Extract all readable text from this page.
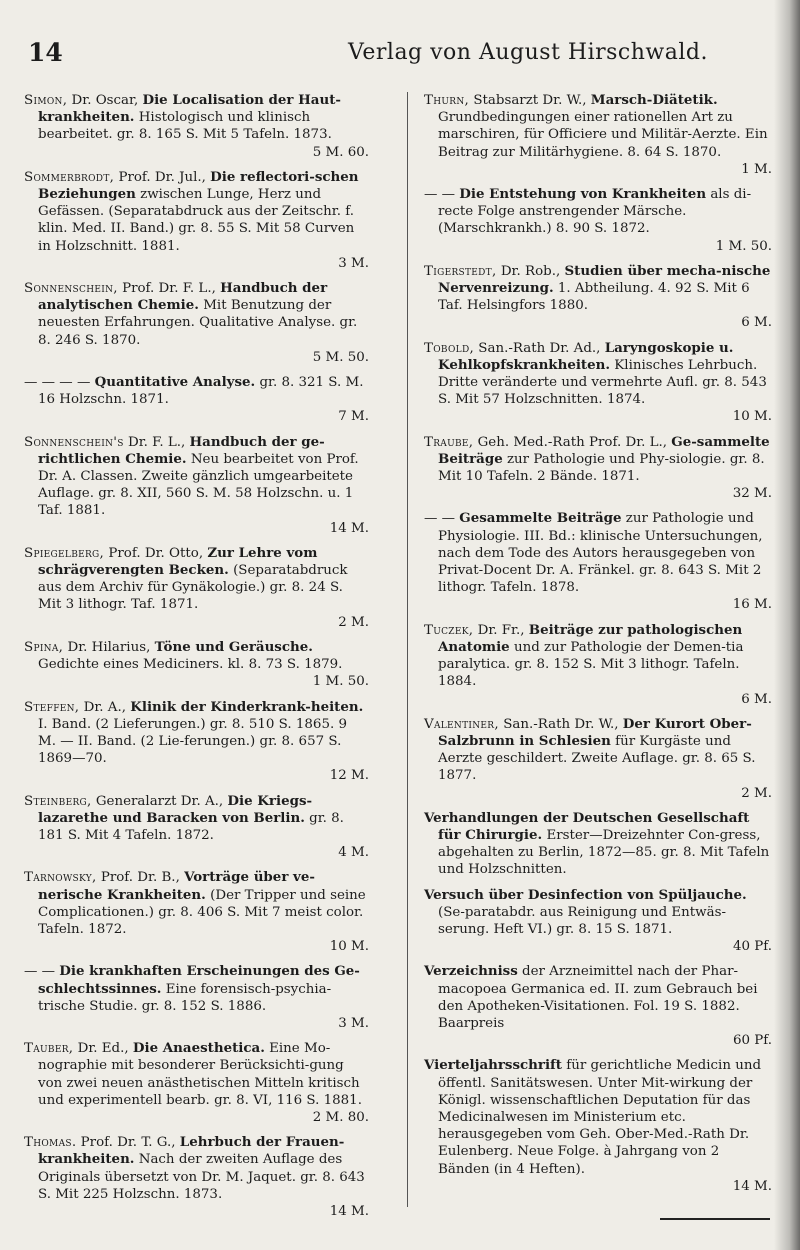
14	Verlag von August Hirschwald.
Simon, Dr. Oscar, Die Localisation der Haut-krankheiten. Histologisch und klinisch bearbeitet. gr. 8. 165 S. Mit 5 Tafeln. 1873.
5 M. 60.
Sommerbrodt, Prof. Dr. Jul., Die reflectori-schen Beziehungen zwischen Lunge, Herz und Gefässen. (Separatabdruck aus der Zeitschr. f. klin. Med. II. Band.) gr. 8. 55 S. Mit 58 Curven in Holzschnitt. 1881.
3 M.
Sonnenschein, Prof. Dr. F. L., Handbuch der analytischen Chemie. Mit Benutzung der neuesten Erfahrungen. Qualitative Analyse. gr. 8. 246 S. 1870.
5 M. 50.
— — — — Quantitative Analyse. gr. 8. 321 S. M. 16 Holzschn. 1871.
7 M.
Sonnenschein's Dr. F. L., Handbuch der ge-richtlichen Chemie. Neu bearbeitet von Prof. Dr. A. Classen. Zweite gänzlich umgearbeitete Auflage. gr. 8. XII, 560 S. M. 58 Holzschn. u. 1 Taf. 1881.
14 M.
Spiegelberg, Prof. Dr. Otto, Zur Lehre vom schrägverengten Becken. (Separatabdruck aus dem Archiv für Gynäkologie.) gr. 8. 24 S. Mit 3 lithogr. Taf. 1871.
2 M.
Spina, Dr. Hilarius, Töne und Geräusche. Gedichte eines Mediciners. kl. 8. 73 S. 1879.
1 M. 50.
Steffen, Dr. A., Klinik der Kinderkrank-heiten. I. Band. (2 Lieferungen.) gr. 8. 510 S. 1865. 9 M. — II. Band. (2 Lie-ferungen.) gr. 8. 657 S. 1869—70.
12 M.
Steinberg, Generalarzt Dr. A., Die Kriegs-lazarethe und Baracken von Berlin. gr. 8. 181 S. Mit 4 Tafeln. 1872.
4 M.
Tarnowsky, Prof. Dr. B., Vorträge über ve-nerische Krankheiten. (Der Tripper und seine Complicationen.) gr. 8. 406 S. Mit 7 meist color. Tafeln. 1872.
10 M.
— — Die krankhaften Erscheinungen des Ge-schlechtssinnes. Eine forensisch-psychia-trische Studie. gr. 8. 152 S. 1886.
3 M.
Tauber, Dr. Ed., Die Anaesthetica. Eine Mo-nographie mit besonderer Berücksichti-gung von zwei neuen anästhetischen Mitteln kritisch und experimentell bearb. gr. 8. VI, 116 S. 1881.
2 M. 80.
Thomas. Prof. Dr. T. G., Lehrbuch der Frauen-krankheiten. Nach der zweiten Auflage des Originals übersetzt von Dr. M. Jaquet. gr. 8. 643 S. Mit 225 Holzschn. 1873.
14 M.
Thurn, Stabsarzt Dr. W., Marsch-Diätetik. Grundbedingungen einer rationellen Art zu marschiren, für Officiere und Militär-Aerzte. Ein Beitrag zur Militärhygiene. 8. 64 S. 1870.
1 M.
— — Die Entstehung von Krankheiten als di-recte Folge anstrengender Märsche. (Marschkrankh.) 8. 90 S. 1872.
1 M. 50.
Tigerstedt, Dr. Rob., Studien über mecha-nische Nervenreizung. 1. Abtheilung. 4. 92 S. Mit 6 Taf. Helsingfors 1880.
6 M.
Tobold, San.-Rath Dr. Ad., Laryngoskopie u. Kehlkopfskrankheiten. Klinisches Lehrbuch. Dritte veränderte und vermehrte Aufl. gr. 8. 543 S. Mit 57 Holzschnitten. 1874.
10 M.
Traube, Geh. Med.-Rath Prof. Dr. L., Ge-sammelte Beiträge zur Pathologie und Phy-siologie. gr. 8. Mit 10 Tafeln. 2 Bände. 1871.
32 M.
— — Gesammelte Beiträge zur Pathologie und Physiologie. III. Bd.: klinische Untersuchungen, nach dem Tode des Autors herausgegeben von Privat-Docent Dr. A. Fränkel. gr. 8. 643 S. Mit 2 lithogr. Tafeln. 1878.
16 M.
Tuczek, Dr. Fr., Beiträge zur pathologischen Anatomie und zur Pathologie der Demen-tia paralytica. gr. 8. 152 S. Mit 3 lithogr. Tafeln. 1884.
6 M.
Valentiner, San.-Rath Dr. W., Der Kurort Ober-Salzbrunn in Schlesien für Kurgäste und Aerzte geschildert. Zweite Auflage. gr. 8. 65 S. 1877.
2 M.
Verhandlungen der Deutschen Gesellschaft für Chirurgie. Erster—Dreizehnter Con-gress, abgehalten zu Berlin, 1872—85. gr. 8. Mit Tafeln und Holzschnitten.
Versuch über Desinfection von Spüljauche. (Se-paratabdr. aus Reinigung und Entwäs-serung. Heft VI.) gr. 8. 15 S. 1871.
40 Pf.
Verzeichniss der Arzneimittel nach der Phar-macopoea Germanica ed. II. zum Gebrauch bei den Apotheken-Visitationen. Fol. 19 S. 1882. Baarpreis
60 Pf.
Vierteljahrsschrift für gerichtliche Medicin und öffentl. Sanitätswesen. Unter Mit-wirkung der Königl. wissenschaftlichen Deputation für das Medicinalwesen im Ministerium etc. herausgegeben vom Geh. Ober-Med.-Rath Dr. Eulenberg. Neue Folge. à Jahrgang von 2 Bänden (in 4 Heften).
14 M.
